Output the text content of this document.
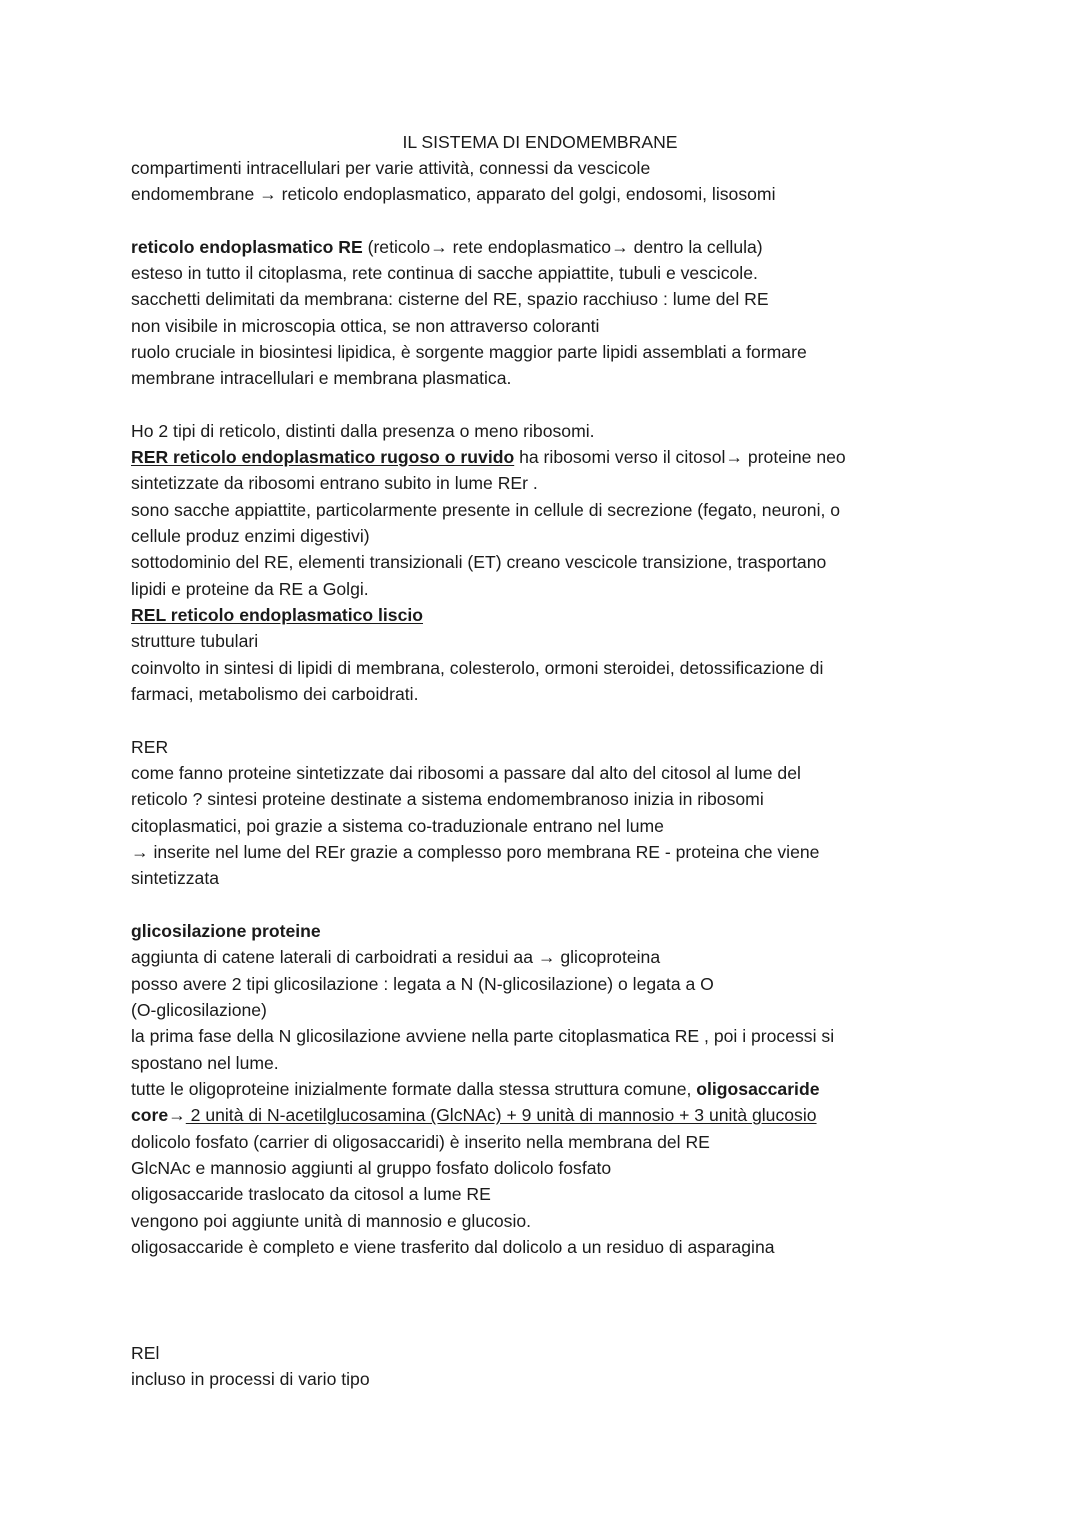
IL SISTEMA DI ENDOMEMBRANE
compartimenti intracellulari per varie attività, connessi da vescicole
endomembrane → reticolo endoplasmatico, apparato del golgi, endosomi, lisosomi
reticolo endoplasmatico RE (reticolo→ rete endoplasmatico→ dentro la cellula)
esteso in tutto il citoplasma, rete continua di sacche appiattite, tubuli e vescicole.
sacchetti delimitati da membrana: cisterne del RE, spazio racchiuso : lume del RE
non visibile in microscopia ottica, se non attraverso coloranti
ruolo cruciale in biosintesi lipidica, è sorgente maggior parte lipidi assemblati a formare
membrane intracellulari e membrana plasmatica.
Ho 2 tipi di reticolo, distinti dalla presenza o meno ribosomi.
RER reticolo endoplasmatico rugoso o ruvido ha ribosomi verso il citosol→ proteine neo
sintetizzate da ribosomi entrano subito in lume REr .
sono sacche appiattite, particolarmente presente in cellule di secrezione (fegato, neuroni, o
cellule produz enzimi digestivi)
sottodominio del RE, elementi transizionali (ET) creano vescicole transizione, trasportano
lipidi e proteine da RE a Golgi.
REL reticolo endoplasmatico liscio
strutture tubulari
coinvolto in sintesi di lipidi di membrana, colesterolo, ormoni steroidei, detossificazione di
farmaci, metabolismo dei carboidrati.
RER
come fanno proteine sintetizzate dai ribosomi a passare dal alto del citosol al lume del
reticolo ? sintesi proteine destinate a sistema endomembranoso inizia in ribosomi
citoplasmatici, poi grazie a sistema co-traduzionale entrano nel lume
→ inserite nel lume del REr grazie a complesso poro membrana RE - proteina che viene
sintetizzata
glicosilazione proteine
aggiunta di catene laterali di carboidrati a residui aa → glicoproteina
posso avere 2 tipi glicosilazione : legata a N (N-glicosilazione) o legata a O
(O-glicosilazione)
la prima fase della N glicosilazione avviene nella parte citoplasmatica RE , poi i processi si
spostano nel lume.
tutte le oligoproteine inizialmente formate dalla stessa struttura comune, oligosaccaride
core→ 2 unità di N-acetilglucosamina (GlcNAc) + 9 unità di mannosio + 3 unità glucosio
dolicolo fosfato (carrier di oligosaccaridi) è inserito nella membrana del RE
GlcNAc e mannosio aggiunti al gruppo fosfato dolicolo fosfato
oligosaccaride traslocato da citosol a lume RE
vengono poi aggiunte unità di mannosio e glucosio.
oligosaccaride è completo e viene trasferito dal dolicolo a un residuo di asparagina
REl
incluso in processi di vario tipo
